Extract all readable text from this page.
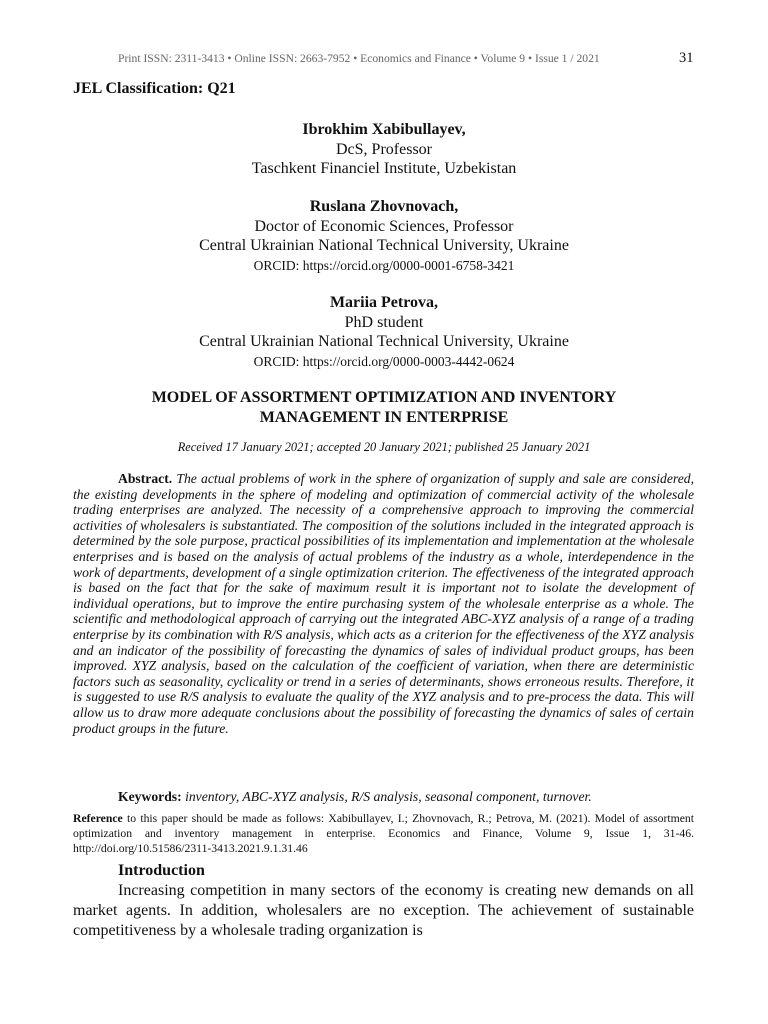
Print ISSN: 2311-3413 • Online ISSN: 2663-7952 • Economics and Finance • Volume 9 • Issue 1 / 2021	31
JEL Classification: Q21
Ibrokhim Xabibullayev,
DcS, Professor
Taschkent Financiel Institute, Uzbekistan
Ruslana Zhovnovach,
Doctor of Economic Sciences, Professor
Central Ukrainian National Technical University, Ukraine
ORCID: https://orcid.org/0000-0001-6758-3421
Mariia Petrova,
PhD student
Central Ukrainian National Technical University, Ukraine
ORCID: https://orcid.org/0000-0003-4442-0624
MODEL OF ASSORTMENT OPTIMIZATION AND INVENTORY
MANAGEMENT IN ENTERPRISE
Received 17 January 2021; accepted 20 January 2021; published 25 January 2021
Abstract. The actual problems of work in the sphere of organization of supply and sale are considered, the existing developments in the sphere of modeling and optimization of commercial activity of the wholesale trading enterprises are analyzed. The necessity of a comprehensive approach to improving the commercial activities of wholesalers is substantiated. The composition of the solutions included in the integrated approach is determined by the sole purpose, practical possibilities of its implementation and implementation at the wholesale enterprises and is based on the analysis of actual problems of the industry as a whole, interdependence in the work of departments, development of a single optimization criterion. The effectiveness of the integrated approach is based on the fact that for the sake of maximum result it is important not to isolate the development of individual operations, but to improve the entire purchasing system of the wholesale enterprise as a whole. The scientific and methodological approach of carrying out the integrated ABC-XYZ analysis of a range of a trading enterprise by its combination with R/S analysis, which acts as a criterion for the effectiveness of the XYZ analysis and an indicator of the possibility of forecasting the dynamics of sales of individual product groups, has been improved. XYZ analysis, based on the calculation of the coefficient of variation, when there are deterministic factors such as seasonality, cyclicality or trend in a series of determinants, shows erroneous results. Therefore, it is suggested to use R/S analysis to evaluate the quality of the XYZ analysis and to pre-process the data. This will allow us to draw more adequate conclusions about the possibility of forecasting the dynamics of sales of certain product groups in the future.
Keywords: inventory, ABC-XYZ analysis, R/S analysis, seasonal component, turnover.
Reference to this paper should be made as follows: Xabibullayev, I.; Zhovnovach, R.; Petrova, M. (2021). Model of assortment optimization and inventory management in enterprise. Economics and Finance, Volume 9, Issue 1, 31-46. http://doi.org/10.51586/2311-3413.2021.9.1.31.46
Introduction
Increasing competition in many sectors of the economy is creating new demands on all market agents. In addition, wholesalers are no exception. The achievement of sustainable competitiveness by a wholesale trading organization is
